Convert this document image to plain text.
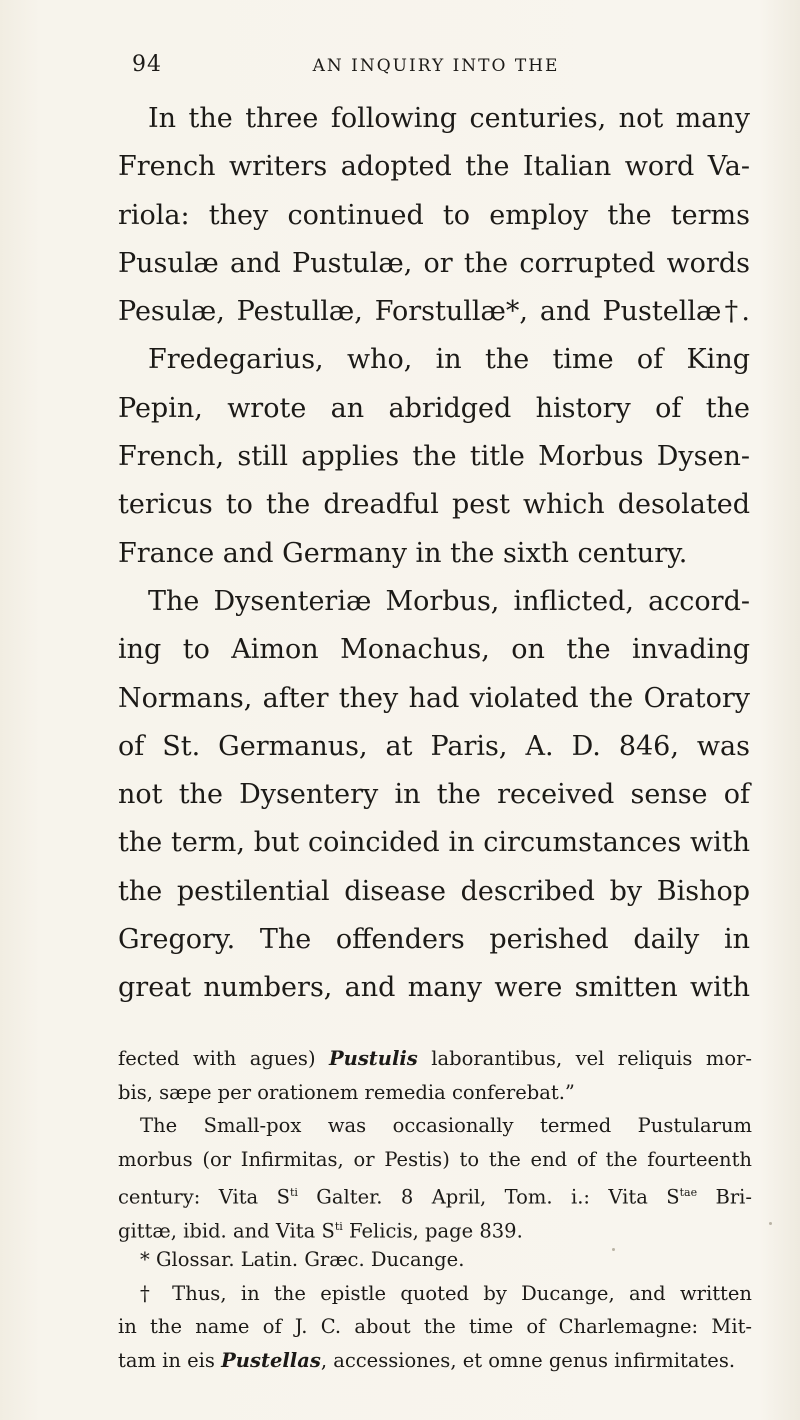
94	AN INQUIRY INTO THE
In the three following centuries, not many
French writers adopted the Italian word Va-
riola: they continued to employ the terms
Pusulæ and Pustulæ, or the corrupted words
Pesulæ, Pestullæ, Forstullæ*, and Pustellæ†.
Fredegarius, who, in the time of King
Pepin, wrote an abridged history of the
French, still applies the title Morbus Dysen-
tericus to the dreadful pest which desolated
France and Germany in the sixth century.
The Dysenteriæ Morbus, inflicted, accord-
ing to Aimon Monachus, on the invading
Normans, after they had violated the Oratory
of St. Germanus, at Paris, A. D. 846, was
not the Dysentery in the received sense of
the term, but coincided in circumstances with
the pestilential disease described by Bishop
Gregory. The offenders perished daily in
great numbers, and many were smitten with
fected with agues) Pustulis laborantibus, vel reliquis mor-
bis, sæpe per orationem remedia conferebat.”
The Small-pox was occasionally termed Pustularum
morbus (or Infirmitas, or Pestis) to the end of the fourteenth
century: Vita $S^{ti}$ Galter. 8 April, Tom. i.: Vita $S^{tae}$ Bri-
gittæ, ibid. and Vita $S^{ti}$ Felicis, page 839.
* Glossar. Latin. Græc. Ducange.
† Thus, in the epistle quoted by Ducange, and written
in the name of J. C. about the time of Charlemagne: Mit-
tam in eis Pustellas, accessiones, et omne genus infirmitates.
